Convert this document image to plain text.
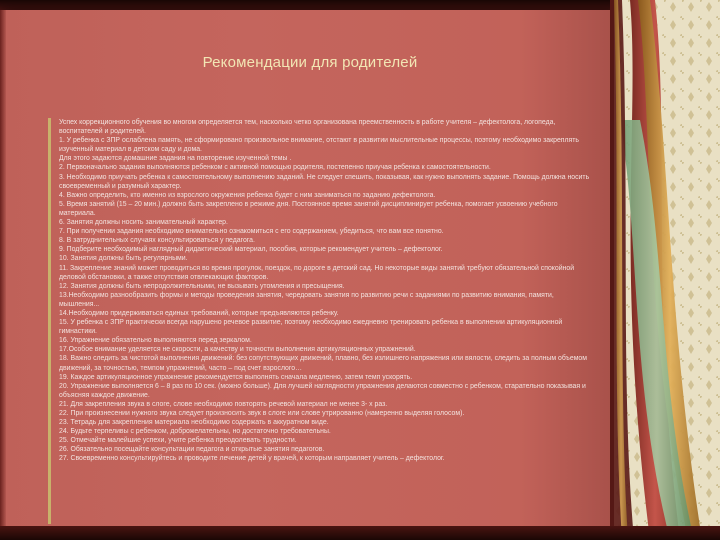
Рекомендации для родителей

Успех коррекционного обучения во многом определяется тем, насколько четко организована преемственность в работе учителя – дефектолога, логопеда, воспитателей и родителей.

1. У ребенка с ЗПР ослаблена память, не сформировано произвольное внимание, отстают в развитии мыслительные процессы, поэтому необходимо закреплять изученный материал в детском саду и дома.

Для этого задаются домашние задания на повторение изученной темы .

2. Первоначально задания выполняются ребенком с активной помощью родителя, постепенно приучая ребенка к самостоятельности.

3. Необходимо приучать ребенка к самостоятельному выполнению заданий. Не следует спешить, показывая, как нужно выполнять задание. Помощь должна носить своевременный и разумный характер.

4. Важно определить, кто именно из взрослого окружения ребенка будет с ним заниматься по заданию дефектолога.

5. Время занятий (15 – 20 мин.) должно быть закреплено в режиме дня. Постоянное время занятий дисциплинирует ребенка, помогает усвоению учебного материала.

6. Занятия должны носить занимательный характер.

7. При получении задания необходимо внимательно ознакомиться с его содержанием, убедиться, что вам все понятно.

8. В затруднительных случаях консультироваться у педагога.

9. Подберите необходимый наглядный дидактический материал, пособия, которые рекомендует учитель – дефектолог.

10. Занятия должны быть регулярными.

11. Закрепление знаний может проводиться во время прогулок, поездок, по дороге в детский сад. Но некоторые виды занятий требуют обязательной спокойной деловой обстановки, а также отсутствия отвлекающих факторов.

12. Занятия должны быть непродолжительными, не вызывать утомления и пресыщения.

13.Необходимо разнообразить формы и методы проведения занятия, чередовать занятия по развитию речи с заданиями по развитию внимания, памяти, мышления...

14.Необходимо придерживаться единых требований, которые предъявляются ребенку.

15. У ребенка с ЗПР практически всегда нарушено речевое развитие, поэтому необходимо ежедневно тренировать ребенка в выполнении артикуляционной гимнастики.

16. Упражнение обязательно выполняются перед зеркалом.

17.Особое внимание уделяется не скорости, а качеству и точности выполнения артикуляционных упражнений.

18. Важно следить за чистотой выполнения движений: без сопутствующих движений, плавно, без излишнего напряжения или вялости, следить за полным объемом движений, за точностью, темпом упражнений, часто – под счет взрослого…

19. Каждое артикуляционное упражнение рекомендуется выполнять сначала медленно, затем темп ускорять.

20. Упражнение выполняется 6 – 8 раз по 10 сек. (можно больше). Для лучшей наглядности упражнения делаются совместно с ребенком, старательно показывая и объясняя каждое движение.

21. Для закрепления звука в слоге, слове необходимо повторять речевой материал не менее 3- х раз.

22. При произнесении нужного звука следует произносить звук в слоге или слове утрированно (намеренно выделяя голосом).

23. Тетрадь для закрепления материала необходимо содержать в аккуратном виде.

24. Будьте терпеливы с ребенком, доброжелательны, но достаточно требовательны.

25. Отмечайте малейшие успехи, учите ребенка преодолевать трудности.

26. Обязательно посещайте консультации педагога и открытые занятия педагогов.

27. Своевременно консультируйтесь и проводите лечение детей у врачей, к которым направляет учитель – дефектолог.
